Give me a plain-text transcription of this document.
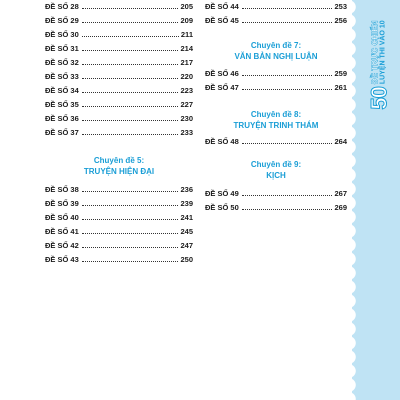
50
ĐỀ TRỰC CHIẾN LUYỆN THI VÀO 10
ĐỀ SỐ 28	205
ĐỀ SỐ 29	209
ĐỀ SỐ 30	211
ĐỀ SỐ 31	214
ĐỀ SỐ 32	217
ĐỀ SỐ 33	220
ĐỀ SỐ 34	223
ĐỀ SỐ 35	227
ĐỀ SỐ 36	230
ĐỀ SỐ 37	233
Chuyên đề 5:
TRUYỆN HIỆN ĐẠI
ĐỀ SỐ 38	236
ĐỀ SỐ 39	239
ĐỀ SỐ 40	241
ĐỀ SỐ 41	245
ĐỀ SỐ 42	247
ĐỀ SỐ 43	250
ĐỀ SỐ 44	253
ĐỀ SỐ 45	256
Chuyên đề 7:
VĂN BẢN NGHỊ LUẬN
ĐỀ SỐ 46	259
ĐỀ SỐ 47	261
Chuyên đề 8:
TRUYỆN TRINH THÁM
ĐỀ SỐ 48	264
Chuyên đề 9:
KỊCH
ĐỀ SỐ 49	267
ĐỀ SỐ 50	269
